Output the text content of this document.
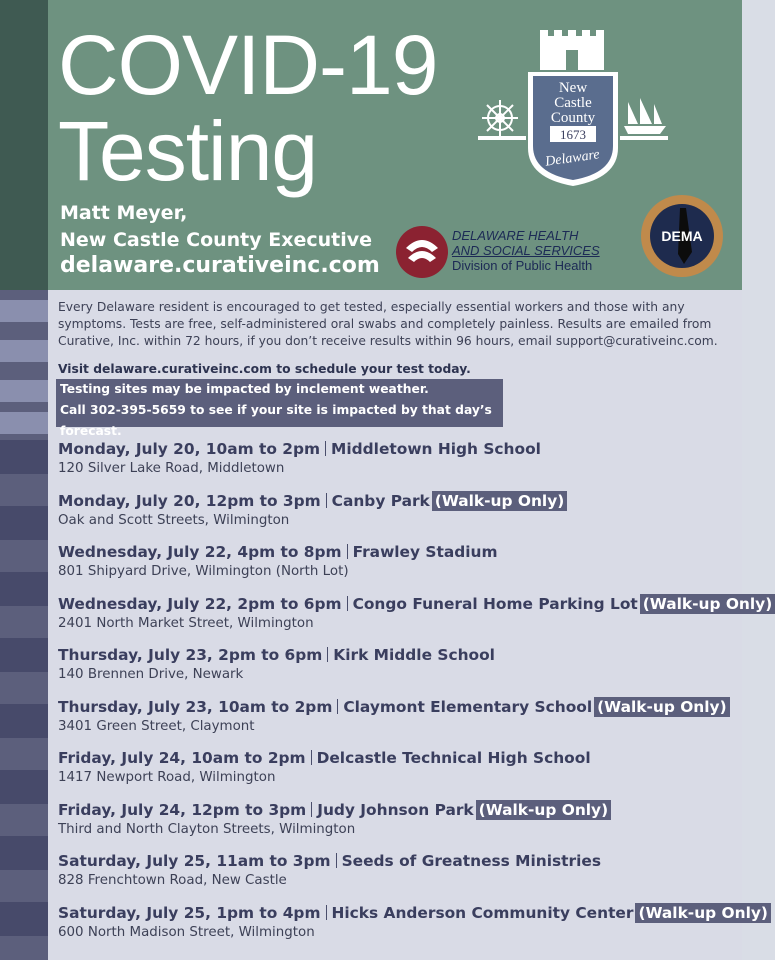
COVID-19
Testing
Matt Meyer,
New Castle County Executive
delaware.curativeinc.com
New
Castle
County
1673
Delaware
DELAWARE HEALTH
AND SOCIAL SERVICES
Division of Public Health
DEMA
Every Delaware resident is encouraged to get tested, especially essential workers and those with any symptoms. Tests are free, self-administered oral swabs and completely painless. Results are emailed from Curative, Inc. within 72 hours, if you don’t receive results within 96 hours, email support@curativeinc.com.
Visit delaware.curativeinc.com to schedule your test today.
Testing sites may be impacted by inclement weather.
Call 302-395-5659 to see if your site is impacted by that day’s forecast.
Monday, July 20, 10am to 2pm Middletown High School
120 Silver Lake Road, Middletown
Monday, July 20, 12pm to 3pm Canby Park (Walk-up Only)
Oak and Scott Streets, Wilmington
Wednesday, July 22, 4pm to 8pm Frawley Stadium
801 Shipyard Drive, Wilmington (North Lot)
Wednesday, July 22, 2pm to 6pm Congo Funeral Home Parking Lot (Walk-up Only)
2401 North Market Street, Wilmington
Thursday, July 23, 2pm to 6pm Kirk Middle School
140 Brennen Drive, Newark
Thursday, July 23, 10am to 2pm Claymont Elementary School (Walk-up Only)
3401 Green Street, Claymont
Friday, July 24, 10am to 2pm Delcastle Technical High School
1417 Newport Road, Wilmington
Friday, July 24, 12pm to 3pm Judy Johnson Park (Walk-up Only)
Third and North Clayton Streets, Wilmington
Saturday, July 25, 11am to 3pm Seeds of Greatness Ministries
828 Frenchtown Road, New Castle
Saturday, July 25, 1pm to 4pm Hicks Anderson Community Center (Walk-up Only)
600 North Madison Street, Wilmington
